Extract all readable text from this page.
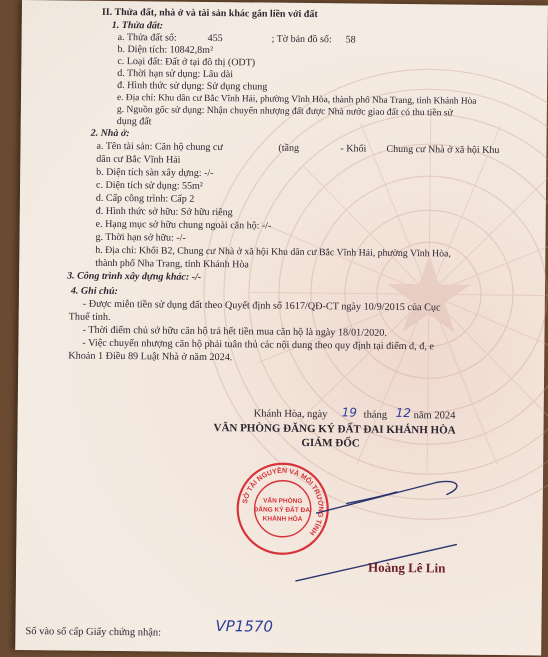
II. Thửa đất, nhà ở và tài sản khác gắn liền với đất
1. Thửa đất:
a. Thửa đất số:	455	; Tờ bản đồ số: 58
b. Diện tích: 10842,8m²
c. Loại đất: Đất ở tại đô thị (ODT)
d. Thời hạn sử dụng: Lâu dài
đ. Hình thức sử dụng: Sử dụng chung
e. Địa chỉ: Khu dân cư Bắc Vĩnh Hải, phường Vĩnh Hòa, thành phố Nha Trang, tỉnh Khánh Hòa
g. Nguồn gốc sử dụng: Nhận chuyển nhượng đất được Nhà nước giao đất có thu tiền sử
dụng đất
2. Nhà ở:
a. Tên tài sản: Căn hộ chung cư	(tầng	- Khối Chung cư Nhà ở xã hội Khu
dân cư Bắc Vĩnh Hải
b. Diện tích sàn xây dựng: -/-
c. Diện tích sử dụng: 55m²
d. Cấp công trình: Cấp 2
đ. Hình thức sở hữu: Sở hữu riêng
e. Hạng mục sở hữu chung ngoài căn hộ: -/-
g. Thời hạn sở hữu: -/-
h. Địa chỉ: Khối B2, Chung cư Nhà ở xã hội Khu dân cư Bắc Vĩnh Hải, phường Vĩnh Hòa,
thành phố Nha Trang, tỉnh Khánh Hòa
3. Công trình xây dựng khác: -/-
4. Ghi chú:
- Được miễn tiền sử dụng đất theo Quyết định số 1617/QĐ-CT ngày 10/9/2015 của Cục
Thuế tỉnh.
- Thời điểm chủ sở hữu căn hộ trả hết tiền mua căn hộ là ngày 18/01/2020.
- Việc chuyển nhượng căn hộ phải tuân thủ các nội dung theo quy định tại điểm d, đ, e
Khoản 1 Điều 89 Luật Nhà ở năm 2024.
Khánh Hòa, ngày 19 tháng 12 năm 2024
VĂN PHÒNG ĐĂNG KÝ ĐẤT ĐAI KHÁNH HÒA
GIÁM ĐỐC
SỞ TÀI NGUYÊN VÀ MÔI TRƯỜNG TỈNH
VĂN PHÒNG
ĐĂNG KÝ ĐẤT ĐAI
KHÁNH HÒA
Hoàng Lê Lin
Số vào sổ cấp Giấy chứng nhận:	VP1570
